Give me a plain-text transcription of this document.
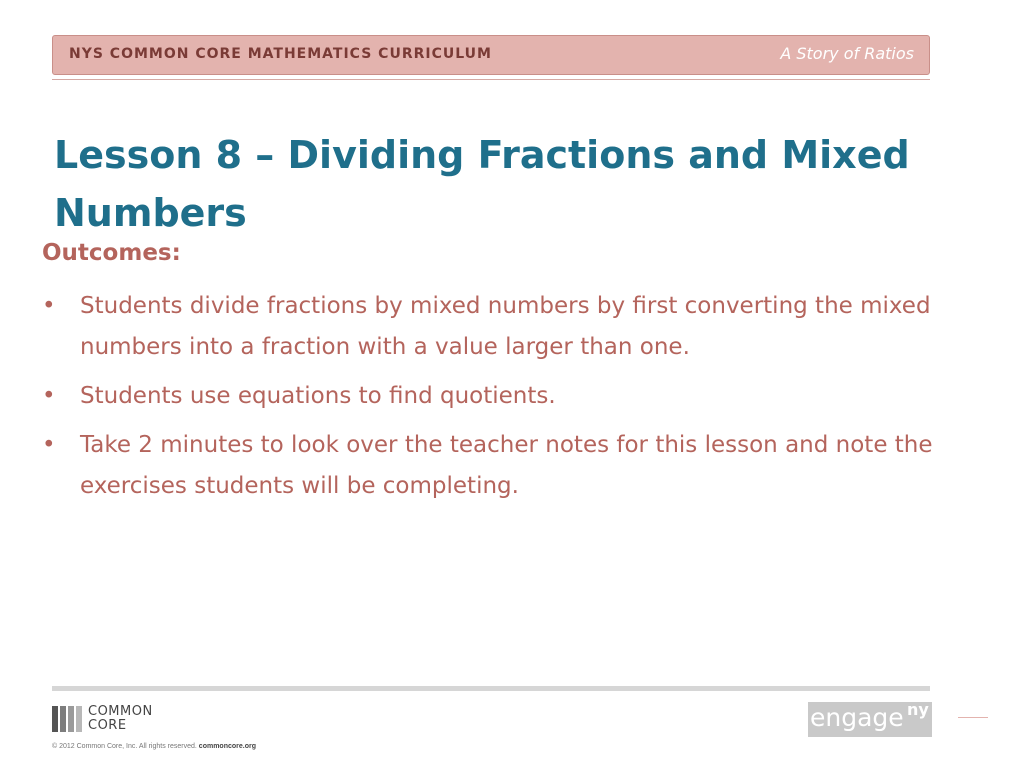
NYS COMMON CORE MATHEMATICS CURRICULUM	A Story of Ratios
Lesson 8 – Dividing Fractions and Mixed Numbers
Outcomes:
• Students divide fractions by mixed numbers by first converting the mixed numbers into a fraction with a value larger than one.
• Students use equations to find quotients.
• Take 2 minutes to look over the teacher notes for this lesson and note the exercises students will be completing.
COMMON
CORE
© 2012 Common Core, Inc. All rights reserved. commoncore.org
engage ny
